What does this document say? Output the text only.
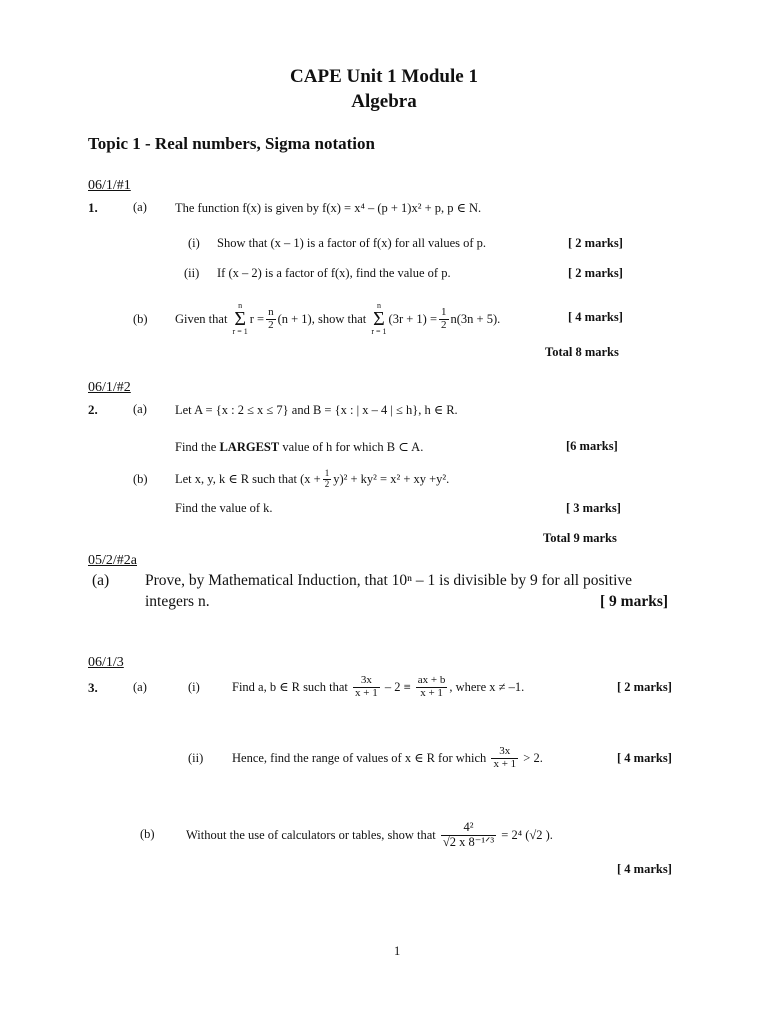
CAPE Unit 1 Module 1
Algebra
Topic 1 - Real numbers, Sigma notation
06/1/#1
1.	(a) The function f(x) is given by f(x) = x⁴ – (p + 1)x² + p, p ∈ N.
(i) Show that (x – 1) is a factor of f(x) for all values of p.	[ 2 marks]
(ii) If (x – 2) is a factor of f(x), find the value of p.	[ 2 marks]
(b) Given that

n
Σ
r = 1
$r = \frac{n}{2} (n + 1)$, show that

n
Σ
r = 1
$(3r + 1) = \frac{1}{2} n(3n + 5)$.	[ 4 marks]
Total 8 marks
06/1/#2
2.	(a) Let A = {x : 2 ≤ x ≤ 7} and B = {x : | x – 4 | ≤ h}, h ∈ R.
Find the LARGEST value of h for which B ⊂ A.	[6 marks]
(b) Let x, y, k ∈ R such that $(x + \frac{1}{2} y)^2 + ky^2 = x^2$ + xy +y².
Find the value of k.	[ 3 marks]
Total 9 marks
05/2/#2a
(a) Prove, by Mathematical Induction, that 10ⁿ – 1 is divisible by 9 for all positive
integers n.	[ 9 marks]
06/1/3
3.	(a)	(i)	Find a, b ∈ R such that
$\frac{3x}{x + 1}$
– 2 ≡
$\frac{ax + b}{x + 1}$ , where x ≠ –1.	[ 2 marks]
(ii) Hence, find the range of values of x ∈ R for which
$\frac{3x}{x + 1}$
> 2.	[ 4 marks]
(b)	Without the use of calculators or tables, show that
$\frac{\text{4²}}{\text{√2 x 8⁻¹ᐟ³}}$
= 2⁴ (√2 ).
[ 4 marks]
1
